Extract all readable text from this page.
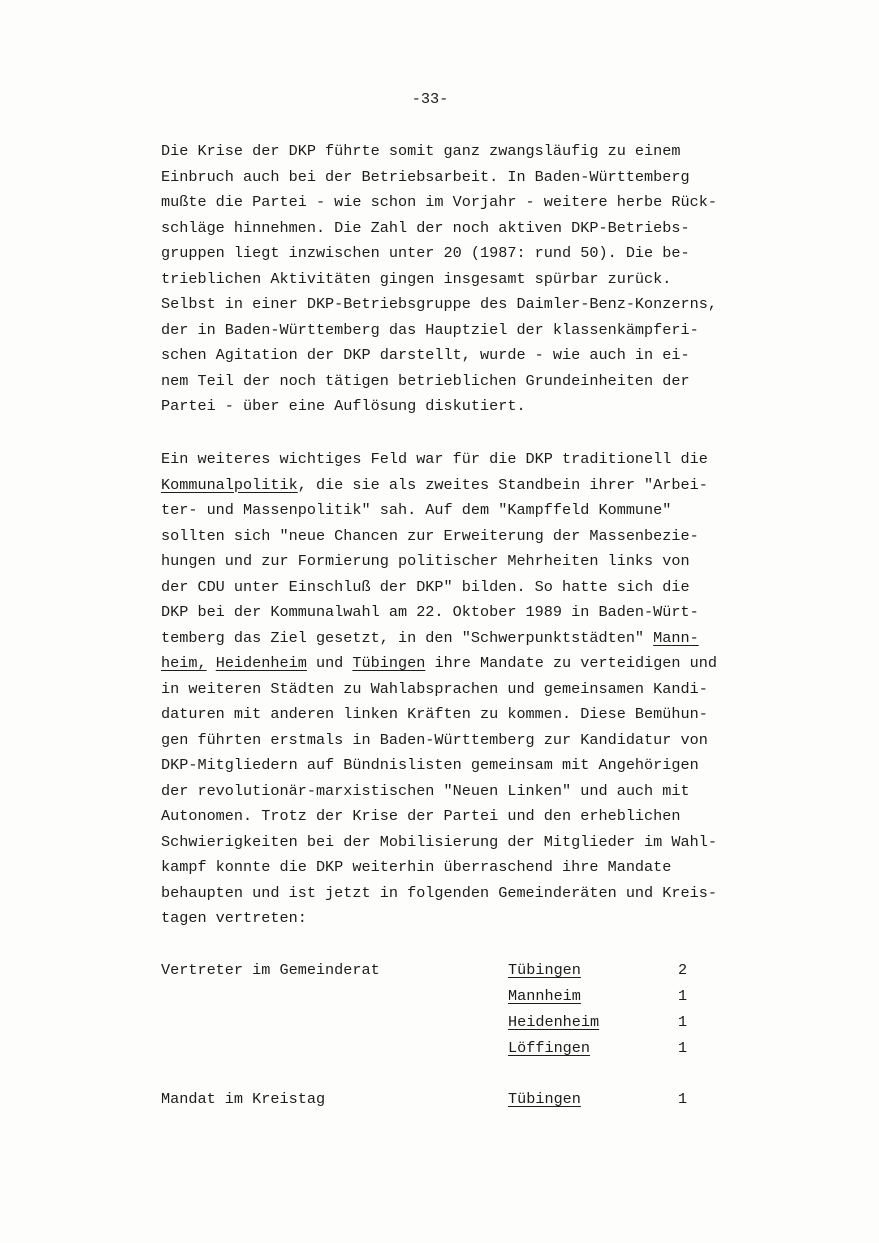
-33-
Die Krise der DKP führte somit ganz zwangsläufig zu einem
Einbruch auch bei der Betriebsarbeit. In Baden-Württemberg
mußte die Partei - wie schon im Vorjahr - weitere herbe Rück-
schläge hinnehmen. Die Zahl der noch aktiven DKP-Betriebs-
gruppen liegt inzwischen unter 20 (1987: rund 50). Die be-
trieblichen Aktivitäten gingen insgesamt spürbar zurück.
Selbst in einer DKP-Betriebsgruppe des Daimler-Benz-Konzerns,
der in Baden-Württemberg das Hauptziel der klassenkämpferi-
schen Agitation der DKP darstellt, wurde - wie auch in ei-
nem Teil der noch tätigen betrieblichen Grundeinheiten der
Partei - über eine Auflösung diskutiert.
Ein weiteres wichtiges Feld war für die DKP traditionell die
Kommunalpolitik, die sie als zweites Standbein ihrer "Arbei-
ter- und Massenpolitik" sah. Auf dem "Kampffeld Kommune"
sollten sich "neue Chancen zur Erweiterung der Massenbezie-
hungen und zur Formierung politischer Mehrheiten links von
der CDU unter Einschluß der DKP" bilden. So hatte sich die
DKP bei der Kommunalwahl am 22. Oktober 1989 in Baden-Würt-
temberg das Ziel gesetzt, in den "Schwerpunktstädten" Mann-
heim, Heidenheim und Tübingen ihre Mandate zu verteidigen und
in weiteren Städten zu Wahlabsprachen und gemeinsamen Kandi-
daturen mit anderen linken Kräften zu kommen. Diese Bemühun-
gen führten erstmals in Baden-Württemberg zur Kandidatur von
DKP-Mitgliedern auf Bündnislisten gemeinsam mit Angehörigen
der revolutionär-marxistischen "Neuen Linken" und auch mit
Autonomen. Trotz der Krise der Partei und den erheblichen
Schwierigkeiten bei der Mobilisierung der Mitglieder im Wahl-
kampf konnte die DKP weiterhin überraschend ihre Mandate
behaupten und ist jetzt in folgenden Gemeinderäten und Kreis-
tagen vertreten:
Vertreter im Gemeinderat	Tübingen	2
Mannheim	1
Heidenheim	1
Löffingen	1
Mandat im Kreistag	Tübingen	1
